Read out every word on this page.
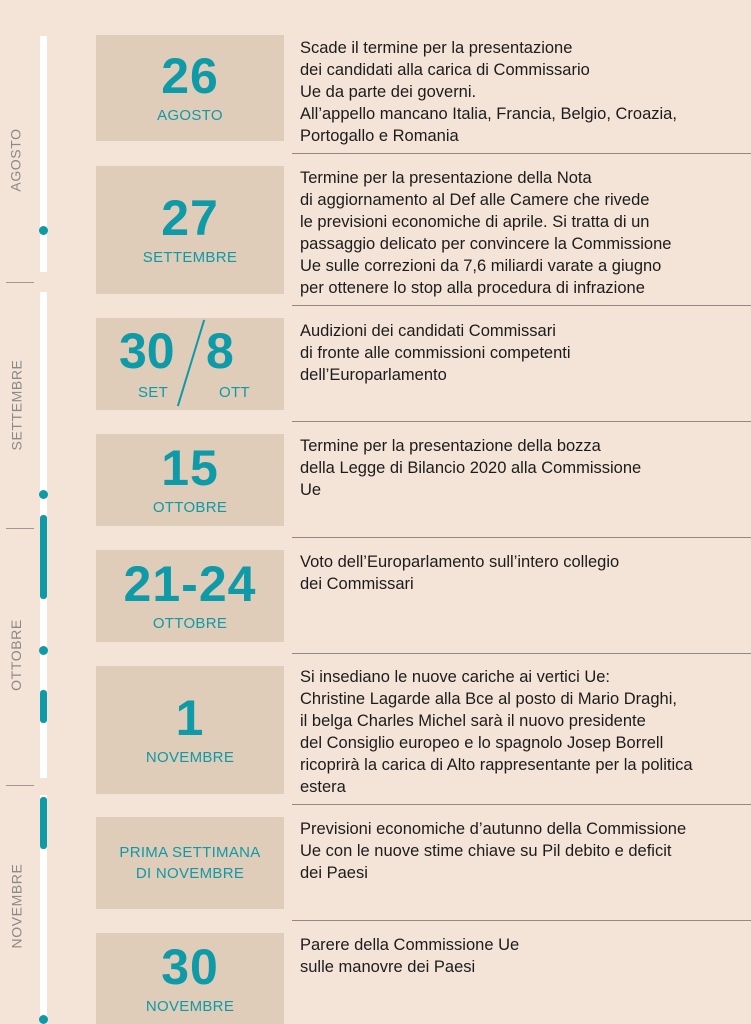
AGOSTO
SETTEMBRE
OTTOBRE
NOVEMBRE
26
AGOSTO
Scade il termine per la presentazione
dei candidati alla carica di Commissario
Ue da parte dei governi.
All’appello mancano Italia, Francia, Belgio, Croazia,
Portogallo e Romania
27
SETTEMBRE
Termine per la presentazione della Nota
di aggiornamento al Def alle Camere che rivede
le previsioni economiche di aprile. Si tratta di un
passaggio delicato per convincere la Commissione
Ue sulle correzioni da 7,6 miliardi varate a giugno
per ottenere lo stop alla procedura di infrazione
30 8
SET	OTT
Audizioni dei candidati Commissari
di fronte alle commissioni competenti
dell’Europarlamento
15
OTTOBRE
Termine per la presentazione della bozza
della Legge di Bilancio 2020 alla Commissione
Ue
21-24
OTTOBRE
Voto dell’Europarlamento sull’intero collegio
dei Commissari
1
NOVEMBRE
Si insediano le nuove cariche ai vertici Ue:
Christine Lagarde alla Bce al posto di Mario Draghi,
il belga Charles Michel sarà il nuovo presidente
del Consiglio europeo e lo spagnolo Josep Borrell
ricoprirà la carica di Alto rappresentante per la politica
estera
PRIMA SETTIMANA
DI NOVEMBRE
Previsioni economiche d’autunno della Commissione
Ue con le nuove stime chiave su Pil debito e deficit
dei Paesi
30
NOVEMBRE
Parere della Commissione Ue
sulle manovre dei Paesi
